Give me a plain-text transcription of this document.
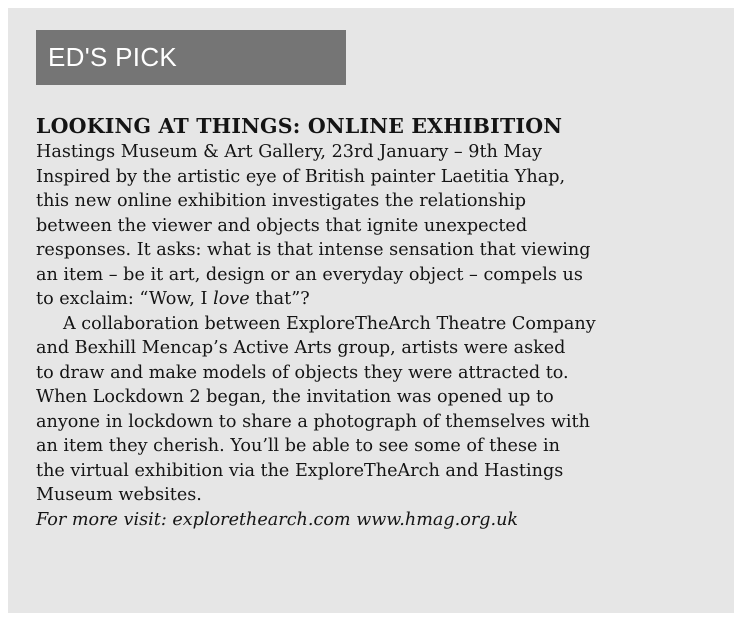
ED'S PICK
LOOKING AT THINGS: ONLINE EXHIBITION
Hastings Museum & Art Gallery, 23rd January – 9th May
Inspired by the artistic eye of British painter Laetitia Yhap,
this new online exhibition investigates the relationship
between the viewer and objects that ignite unexpected
responses. It asks: what is that intense sensation that viewing
an item – be it art, design or an everyday object – compels us
to exclaim: “Wow, I love that”?
A collaboration between ExploreTheArch Theatre Company
and Bexhill Mencap’s Active Arts group, artists were asked
to draw and make models of objects they were attracted to.
When Lockdown 2 began, the invitation was opened up to
anyone in lockdown to share a photograph of themselves with
an item they cherish. You’ll be able to see some of these in
the virtual exhibition via the ExploreTheArch and Hastings
Museum websites.
For more visit: explorethearch.com www.hmag.org.uk
